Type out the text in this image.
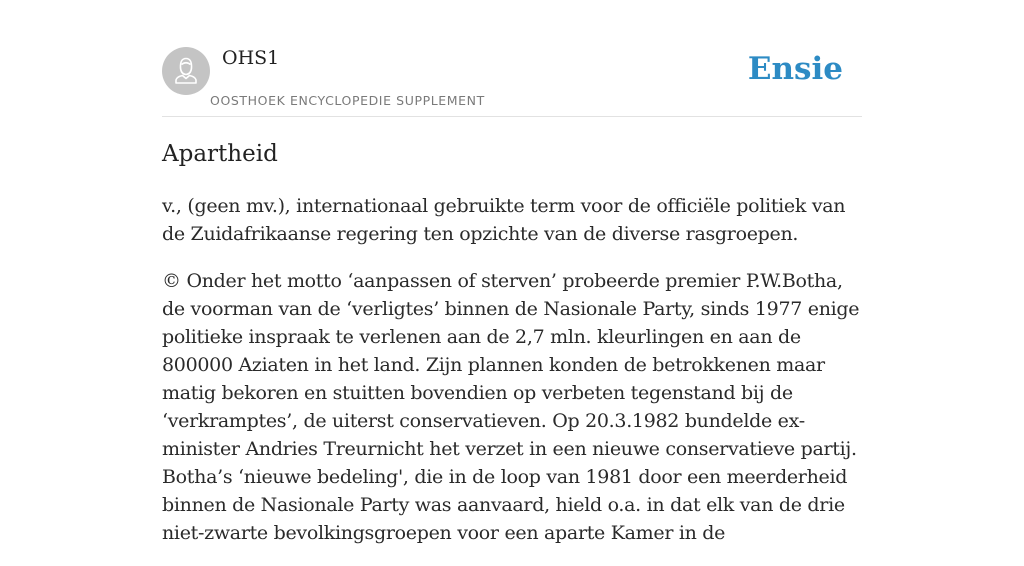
OHS1
OOSTHOEK ENCYCLOPEDIE SUPPLEMENT
Ensie
Apartheid

v., (geen mv.), internationaal gebruikte term voor de officiële politiek van de Zuidafrikaanse regering ten opzichte van de diverse rasgroepen.

© Onder het motto ‘aanpassen of sterven’ probeerde premier P.W.Botha, de voorman van de ‘verligtes’ binnen de Nasionale Party, sinds 1977 enige politieke inspraak te verlenen aan de 2,7 mln. kleurlingen en aan de 800000 Aziaten in het land. Zijn plannen konden de betrokkenen maar matig bekoren en stuitten bovendien op verbeten tegenstand bij de ‘verkramptes’, de uiterst conservatieven. Op 20.3.1982 bundelde ex-minister Andries Treurnicht het verzet in een nieuwe conservatieve partij. Botha’s ‘nieuwe bedeling', die in de loop van 1981 door een meerderheid binnen de Nasionale Party was aanvaard, hield o.a. in dat elk van de drie niet-zwarte bevolkingsgroepen voor een aparte Kamer in de
